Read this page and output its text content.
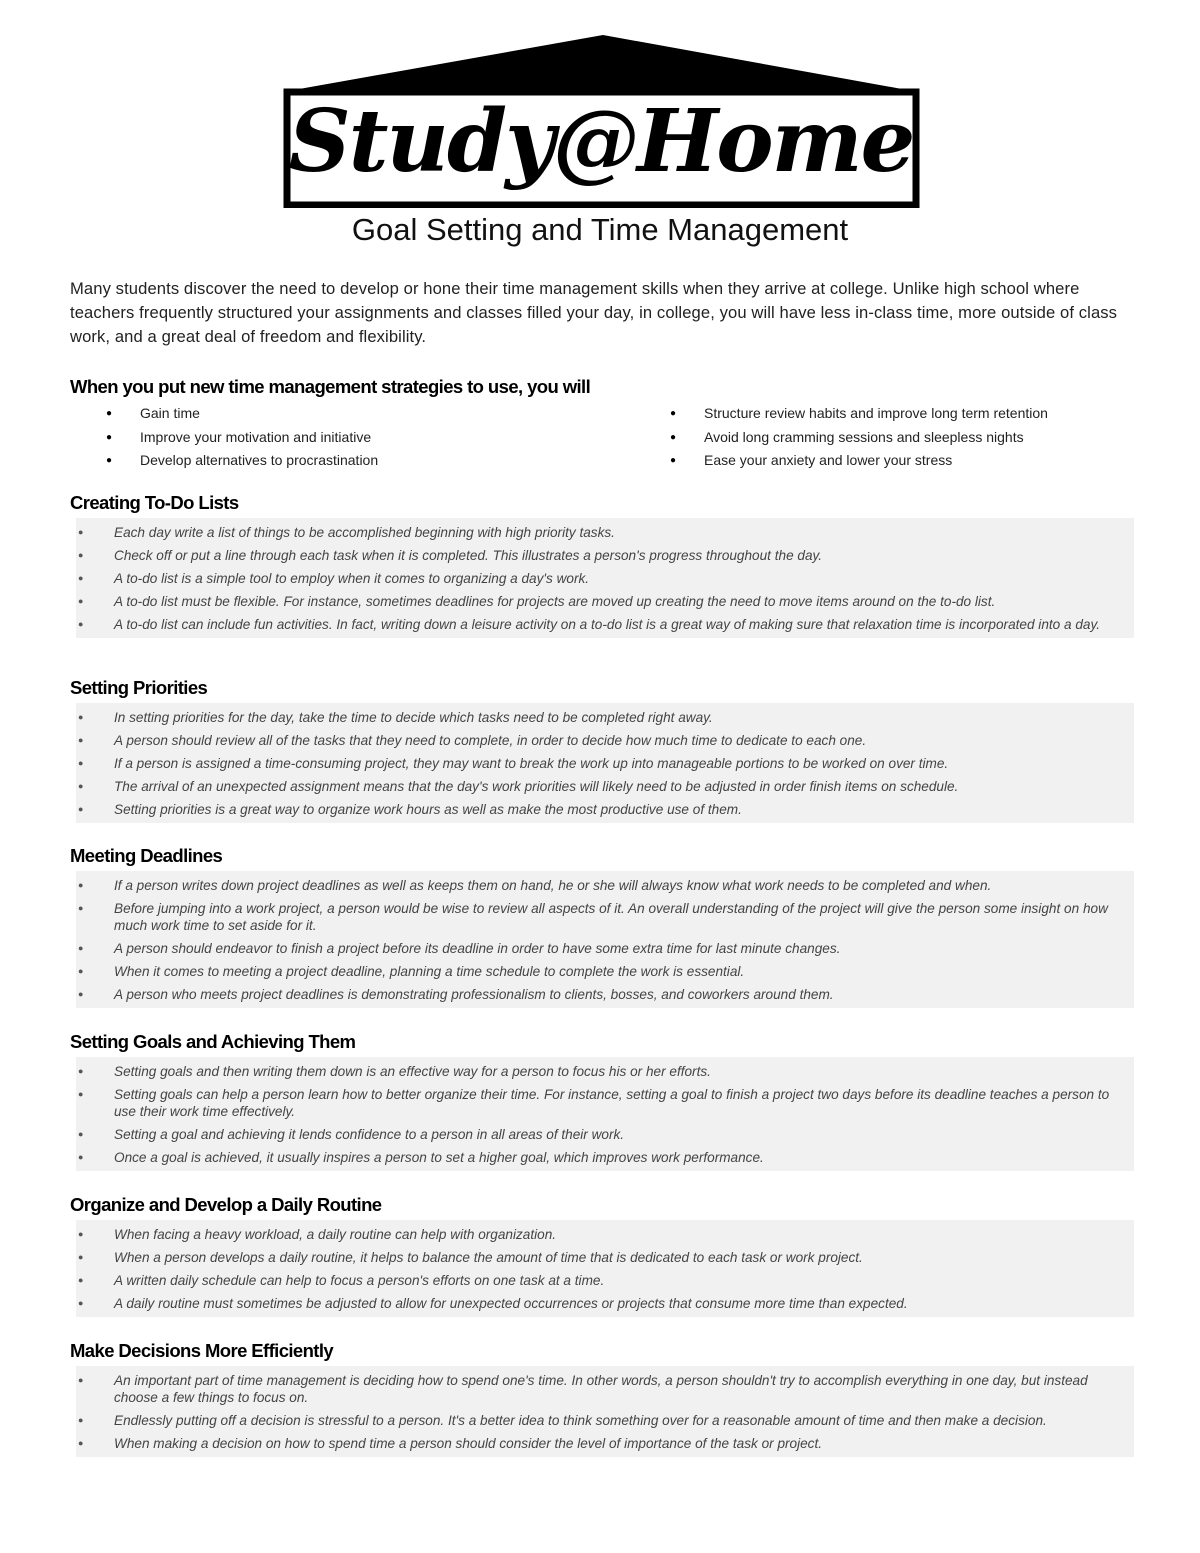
Study@Home
Goal Setting and Time Management
Many students discover the need to develop or hone their time management skills when they arrive at college. Unlike high school where teachers frequently structured your assignments and classes filled your day, in college, you will have less in-class time, more outside of class work, and a great deal of freedom and flexibility.
When you put new time management strategies to use, you will
● Gain time
● Improve your motivation and initiative
● Develop alternatives to procrastination
● Structure review habits and improve long term retention
● Avoid long cramming sessions and sleepless nights
● Ease your anxiety and lower your stress
Creating To-Do Lists
● Each day write a list of things to be accomplished beginning with high priority tasks.
● Check off or put a line through each task when it is completed. This illustrates a person's progress throughout the day.
● A to-do list is a simple tool to employ when it comes to organizing a day's work.
● A to-do list must be flexible. For instance, sometimes deadlines for projects are moved up creating the need to move items around on the to-do list.
● A to-do list can include fun activities. In fact, writing down a leisure activity on a to-do list is a great way of making sure that relaxation time is incorporated into a day.
Setting Priorities
● In setting priorities for the day, take the time to decide which tasks need to be completed right away.
● A person should review all of the tasks that they need to complete, in order to decide how much time to dedicate to each one.
● If a person is assigned a time-consuming project, they may want to break the work up into manageable portions to be worked on over time.
● The arrival of an unexpected assignment means that the day's work priorities will likely need to be adjusted in order finish items on schedule.
● Setting priorities is a great way to organize work hours as well as make the most productive use of them.
Meeting Deadlines
● If a person writes down project deadlines as well as keeps them on hand, he or she will always know what work needs to be completed and when.
● Before jumping into a work project, a person would be wise to review all aspects of it. An overall understanding of the project will give the person some insight on how much work time to set aside for it.
● A person should endeavor to finish a project before its deadline in order to have some extra time for last minute changes.
● When it comes to meeting a project deadline, planning a time schedule to complete the work is essential.
● A person who meets project deadlines is demonstrating professionalism to clients, bosses, and coworkers around them.
Setting Goals and Achieving Them
● Setting goals and then writing them down is an effective way for a person to focus his or her efforts.
● Setting goals can help a person learn how to better organize their time. For instance, setting a goal to finish a project two days before its deadline teaches a person to use their work time effectively.
● Setting a goal and achieving it lends confidence to a person in all areas of their work.
● Once a goal is achieved, it usually inspires a person to set a higher goal, which improves work performance.
Organize and Develop a Daily Routine
● When facing a heavy workload, a daily routine can help with organization.
● When a person develops a daily routine, it helps to balance the amount of time that is dedicated to each task or work project.
● A written daily schedule can help to focus a person's efforts on one task at a time.
● A daily routine must sometimes be adjusted to allow for unexpected occurrences or projects that consume more time than expected.
Make Decisions More Efficiently
● An important part of time management is deciding how to spend one's time. In other words, a person shouldn't try to accomplish everything in one day, but instead choose a few things to focus on.
● Endlessly putting off a decision is stressful to a person. It's a better idea to think something over for a reasonable amount of time and then make a decision.
● When making a decision on how to spend time a person should consider the level of importance of the task or project.
